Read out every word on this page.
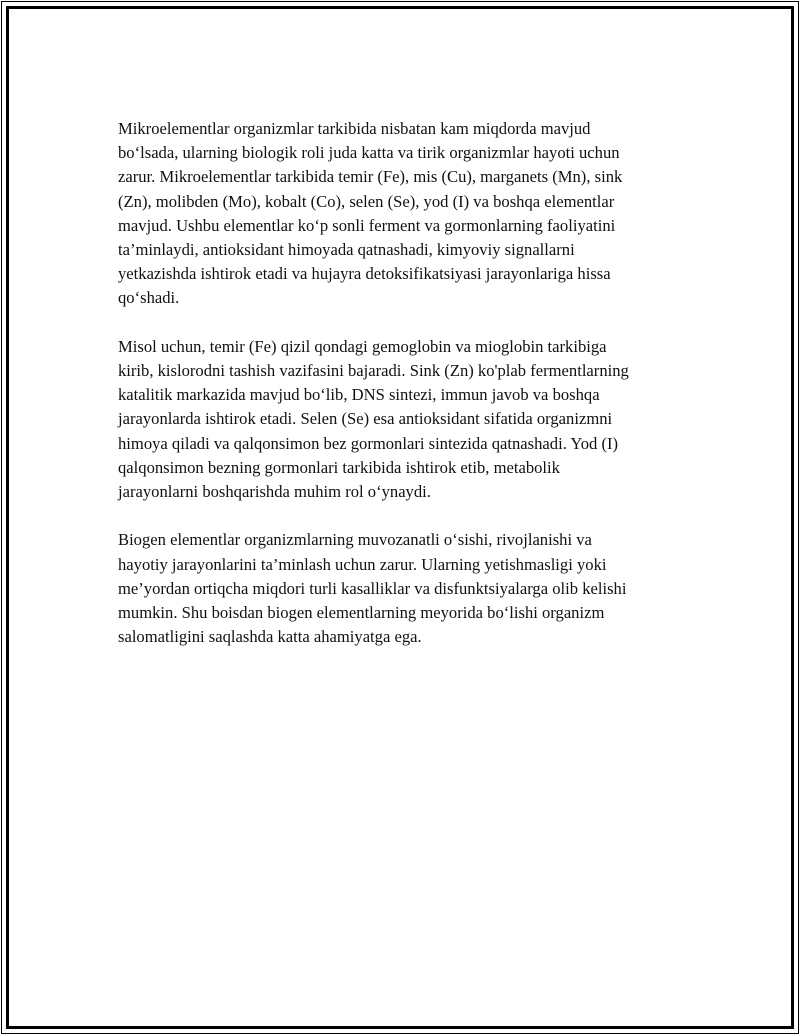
Mikroelementlar organizmlar tarkibida nisbatan kam miqdorda mavjud
bo‘lsada, ularning biologik roli juda katta va tirik organizmlar hayoti uchun
zarur. Mikroelementlar tarkibida temir (Fe), mis (Cu), marganets (Mn), sink
(Zn), molibden (Mo), kobalt (Co), selen (Se), yod (I) va boshqa elementlar
mavjud. Ushbu elementlar ko‘p sonli ferment va gormonlarning faoliyatini
ta’minlaydi, antioksidant himoyada qatnashadi, kimyoviy signallarni
yetkazishda ishtirok etadi va hujayra detoksifikatsiyasi jarayonlariga hissa
qo‘shadi.

Misol uchun, temir (Fe) qizil qondagi gemoglobin va mioglobin tarkibiga
kirib, kislorodni tashish vazifasini bajaradi. Sink (Zn) ko'plab fermentlarning
katalitik markazida mavjud bo‘lib, DNS sintezi, immun javob va boshqa
jarayonlarda ishtirok etadi. Selen (Se) esa antioksidant sifatida organizmni
himoya qiladi va qalqonsimon bez gormonlari sintezida qatnashadi. Yod (I)
qalqonsimon bezning gormonlari tarkibida ishtirok etib, metabolik
jarayonlarni boshqarishda muhim rol o‘ynaydi.

Biogen elementlar organizmlarning muvozanatli o‘sishi, rivojlanishi va
hayotiy jarayonlarini ta’minlash uchun zarur. Ularning yetishmasligi yoki
me’yordan ortiqcha miqdori turli kasalliklar va disfunktsiyalarga olib kelishi
mumkin. Shu boisdan biogen elementlarning meyorida bo‘lishi organizm
salomatligini saqlashda katta ahamiyatga ega.
